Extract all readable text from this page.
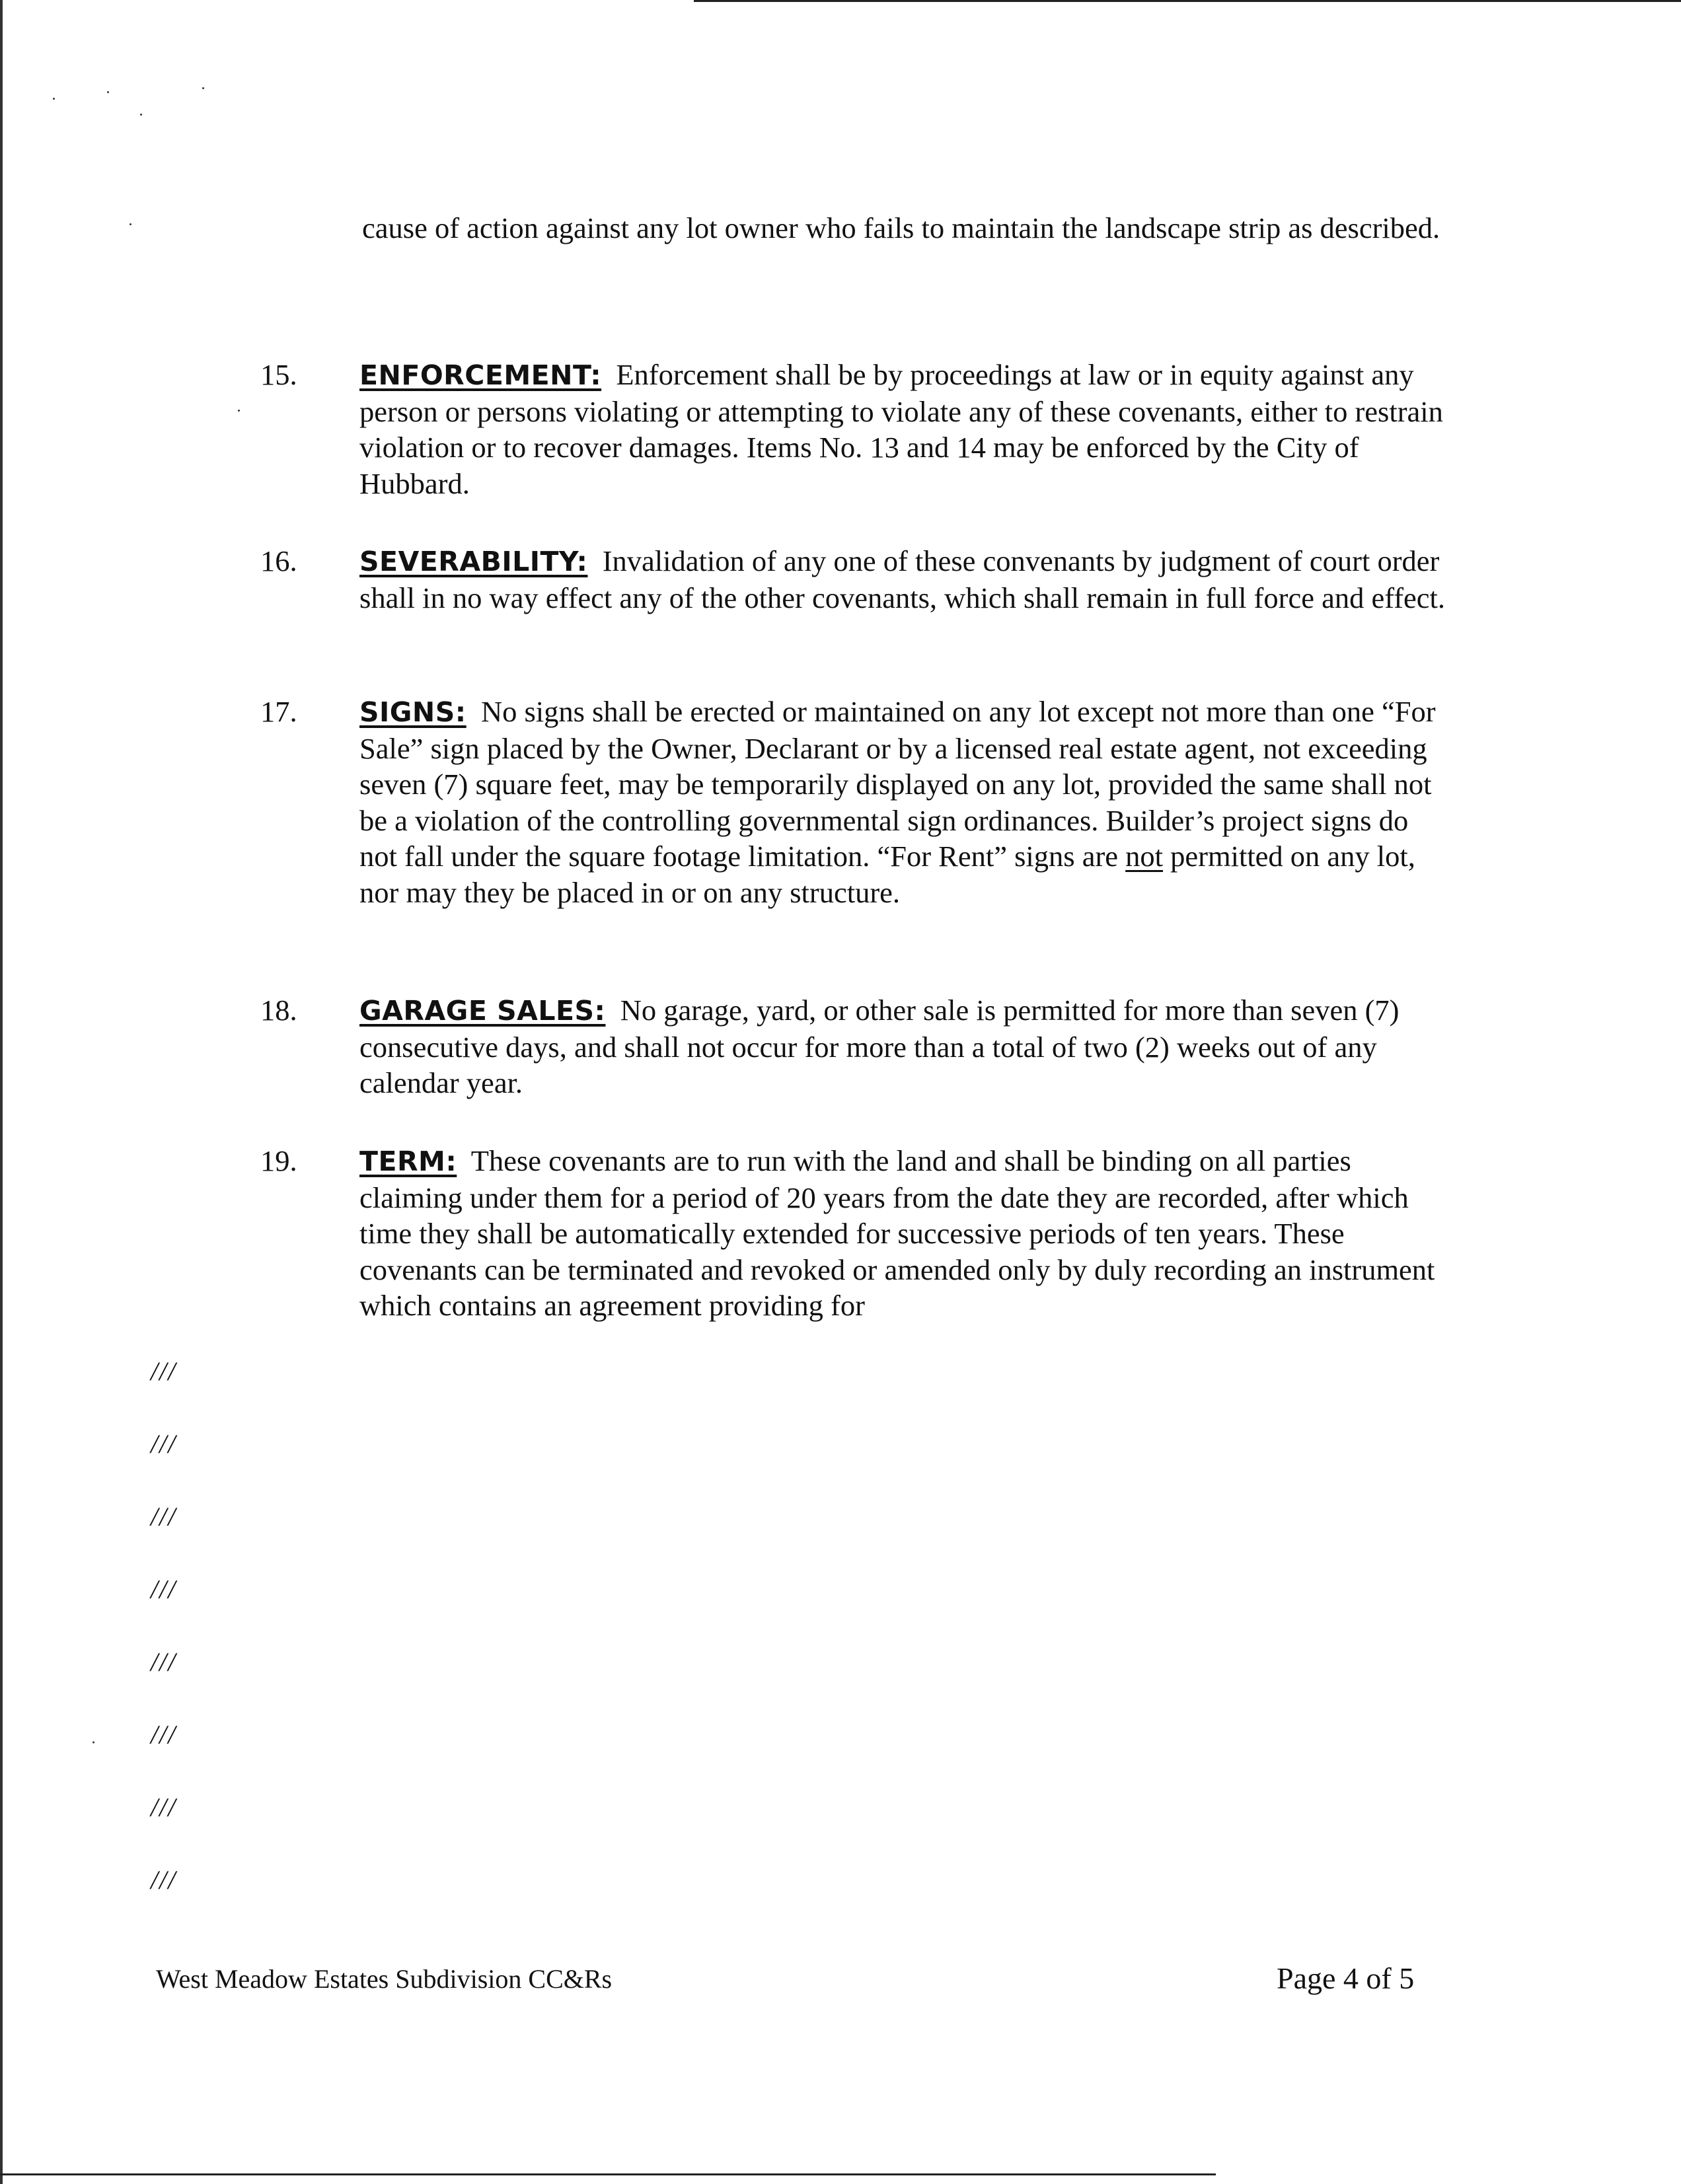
cause of action against any lot owner who fails to maintain the landscape strip as described.

15. ENFORCEMENT: Enforcement shall be by proceedings at law or in equity against any person or persons violating or attempting to violate any of these covenants, either to restrain violation or to recover damages. Items No. 13 and 14 may be enforced by the City of Hubbard.

16. SEVERABILITY: Invalidation of any one of these convenants by judgment of court order shall in no way effect any of the other covenants, which shall remain in full force and effect.

17. SIGNS: No signs shall be erected or maintained on any lot except not more than one “For Sale” sign placed by the Owner, Declarant or by a licensed real estate agent, not exceeding seven (7) square feet, may be temporarily displayed on any lot, provided the same shall not be a violation of the controlling governmental sign ordinances. Builder’s project signs do not fall under the square footage limitation. “For Rent” signs are not permitted on any lot, nor may they be placed in or on any structure.

18. GARAGE SALES: No garage, yard, or other sale is permitted for more than seven (7) consecutive days, and shall not occur for more than a total of two (2) weeks out of any calendar year.

19. TERM: These covenants are to run with the land and shall be binding on all parties claiming under them for a period of 20 years from the date they are recorded, after which time they shall be automatically extended for successive periods of ten years. These covenants can be terminated and revoked or amended only by duly recording an instrument which contains an agreement providing for

///
///
///
///
///
///
///
///
West Meadow Estates Subdivision CC&Rs	Page 4 of 5
